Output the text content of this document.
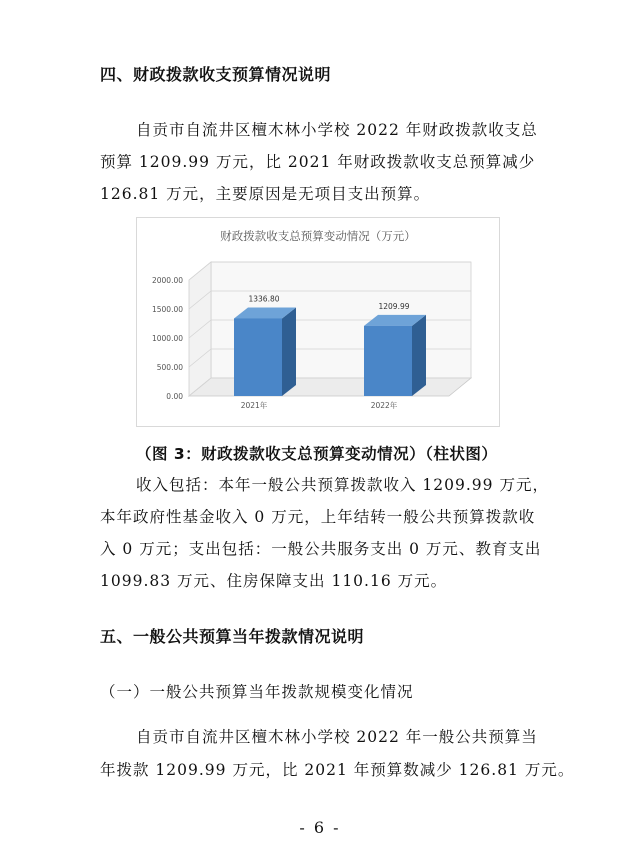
四、财政拨款收支预算情况说明
自贡市自流井区檀木林小学校 2022 年财政拨款收支总
预算 1209.99 万元，比 2021 年财政拨款收支总预算减少
126.81 万元，主要原因是无项目支出预算。
财政拨款收支总预算变动情况（万元）
0.00
500.00
1000.00
1500.00
2000.00
1336.80
1209.99
2021年	2022年
（图 3：财政拨款收支总预算变动情况）（柱状图）
收入包括：本年一般公共预算拨款收入 1209.99 万元，
本年政府性基金收入 0 万元，上年结转一般公共预算拨款收
入 0 万元；支出包括：一般公共服务支出 0 万元、教育支出
1099.83 万元、住房保障支出 110.16 万元。
五、一般公共预算当年拨款情况说明
（一）一般公共预算当年拨款规模变化情况
自贡市自流井区檀木林小学校 2022 年一般公共预算当
年拨款 1209.99 万元，比 2021 年预算数减少 126.81 万元。
- 6 -
